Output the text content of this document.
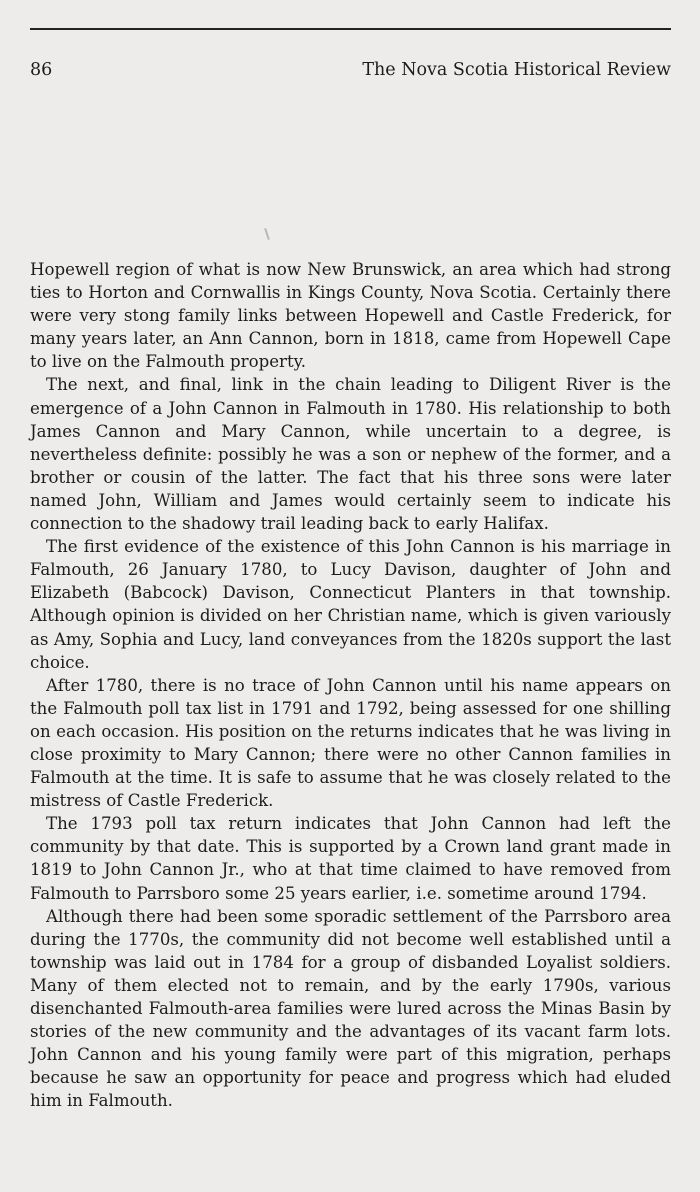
86	The Nova Scotia Historical Review

Hopewell region of what is now New Brunswick, an area which had strong ties to Horton and Cornwallis in Kings County, Nova Scotia. Certainly there were very stong family links between Hopewell and Castle Frederick, for many years later, an Ann Cannon, born in 1818, came from Hopewell Cape to live on the Falmouth property.

The next, and final, link in the chain leading to Diligent River is the emergence of a John Cannon in Falmouth in 1780. His relationship to both James Cannon and Mary Cannon, while uncertain to a degree, is nevertheless definite: possibly he was a son or nephew of the former, and a brother or cousin of the latter. The fact that his three sons were later named John, William and James would certainly seem to indicate his connection to the shadowy trail leading back to early Halifax.

The first evidence of the existence of this John Cannon is his marriage in Falmouth, 26 January 1780, to Lucy Davison, daughter of John and Elizabeth (Babcock) Davison, Connecticut Planters in that township. Although opinion is divided on her Christian name, which is given variously as Amy, Sophia and Lucy, land conveyances from the 1820s support the last choice.

After 1780, there is no trace of John Cannon until his name appears on the Falmouth poll tax list in 1791 and 1792, being assessed for one shilling on each occasion. His position on the returns indicates that he was living in close proximity to Mary Cannon; there were no other Cannon families in Falmouth at the time. It is safe to assume that he was closely related to the mistress of Castle Frederick.

The 1793 poll tax return indicates that John Cannon had left the community by that date. This is supported by a Crown land grant made in 1819 to John Cannon Jr., who at that time claimed to have removed from Falmouth to Parrsboro some 25 years earlier, i.e. sometime around 1794.

Although there had been some sporadic settlement of the Parrsboro area during the 1770s, the community did not become well established until a township was laid out in 1784 for a group of disbanded Loyalist soldiers. Many of them elected not to remain, and by the early 1790s, various disenchanted Falmouth-area families were lured across the Minas Basin by stories of the new community and the advantages of its vacant farm lots. John Cannon and his young family were part of this migration, perhaps because he saw an opportunity for peace and progress which had eluded him in Falmouth.
